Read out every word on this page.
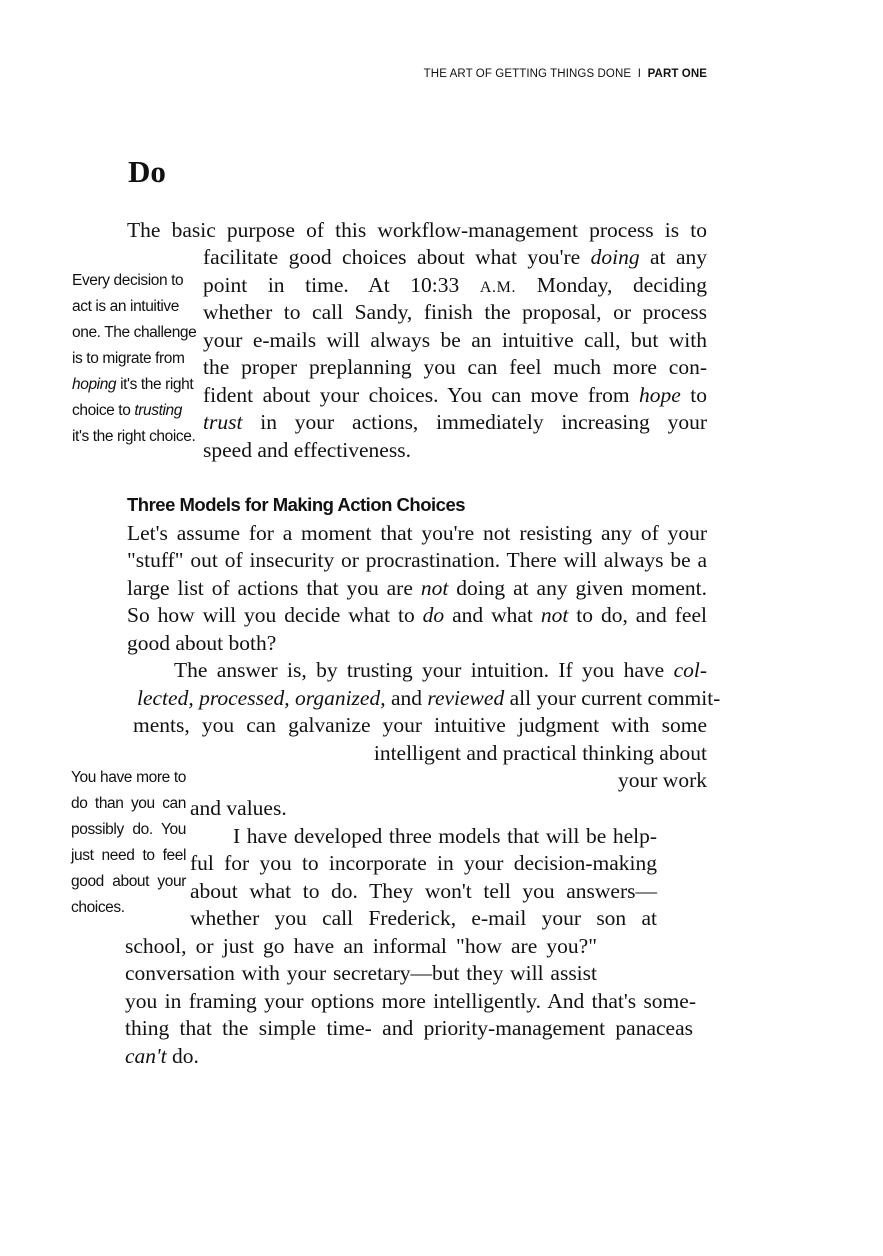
THE ART OF GETTING THINGS DONE I PART ONE
Do
The basic purpose of this workflow-management process is to
facilitate good choices about what you're doing at any
point in time. At 10:33 A.M. Monday, deciding
whether to call Sandy, finish the proposal, or process
your e-mails will always be an intuitive call, but with
the proper preplanning you can feel much more con-
fident about your choices. You can move from hope to
trust in your actions, immediately increasing your
speed and effectiveness.
Every decision to
act is an intuitive
one. The challenge
is to migrate from
hoping it's the right
choice to trusting
it's the right choice.
Three Models for Making Action Choices
Let's assume for a moment that you're not resisting any of your
"stuff" out of insecurity or procrastination. There will always be a
large list of actions that you are not doing at any given moment.
So how will you decide what to do and what not to do, and feel
good about both?
The answer is, by trusting your intuition. If you have col-
lected, processed, organized, and reviewed all your current commit-
ments, you can galvanize your intuitive judgment with some
intelligent and practical thinking about
your work
and values.
You have more to
do than you can
possibly do. You
just need to feel
good about your
choices.
I have developed three models that will be help-
ful for you to incorporate in your decision-making
about what to do. They won't tell you answers—
whether you call Frederick, e-mail your son at
school, or just go have an informal "how are you?"
conversation with your secretary—but they will assist
you in framing your options more intelligently. And that's some-
thing that the simple time- and priority-management panaceas
can't do.
